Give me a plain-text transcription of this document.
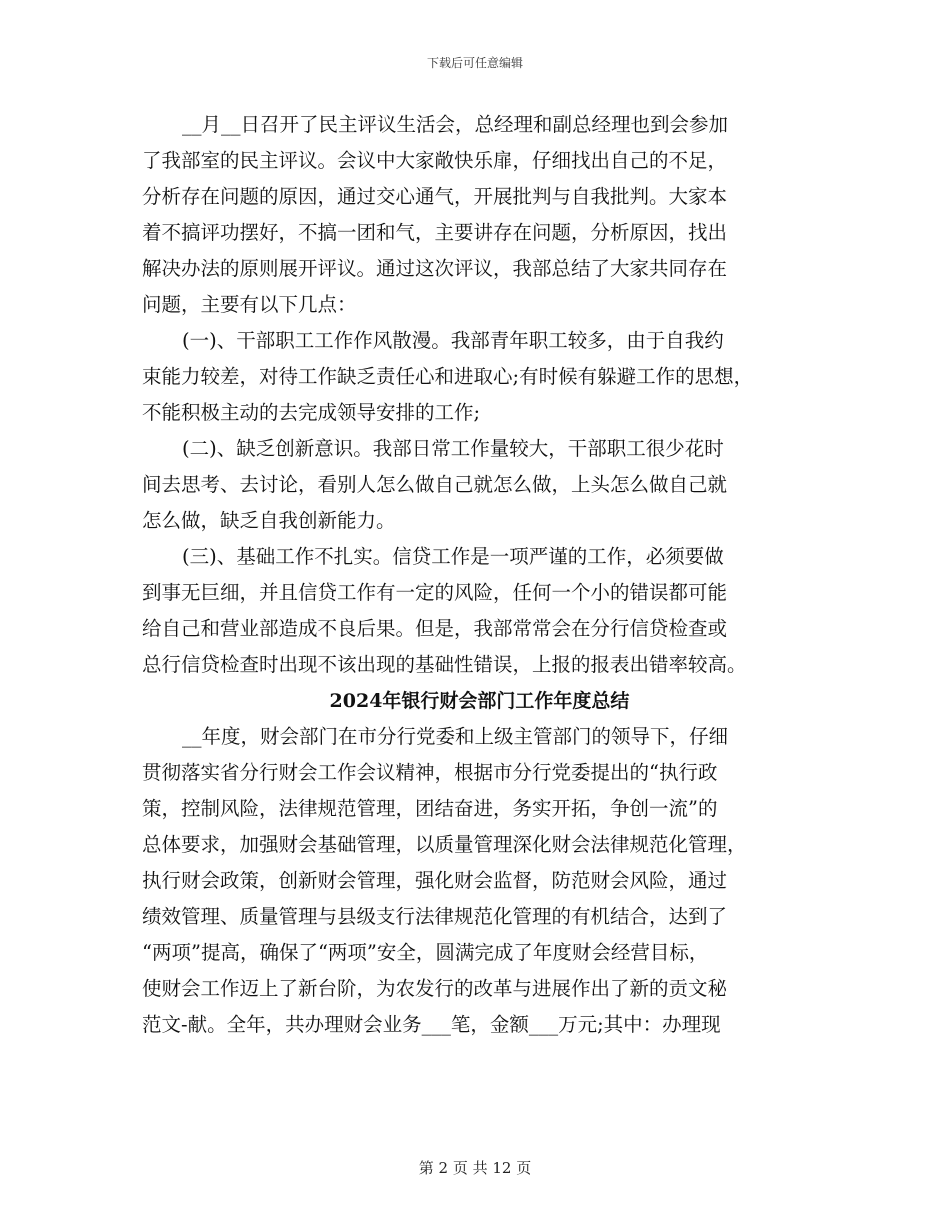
下载后可任意编辑
__月__日召开了民主评议生活会，总经理和副总经理也到会参加
了我部室的民主评议。会议中大家敞快乐扉，仔细找出自己的不足，
分析存在问题的原因，通过交心通气，开展批判与自我批判。大家本
着不搞评功摆好，不搞一团和气，主要讲存在问题，分析原因，找出
解决办法的原则展开评议。通过这次评议，我部总结了大家共同存在
问题，主要有以下几点：
(一)、干部职工工作作风散漫。我部青年职工较多，由于自我约
束能力较差，对待工作缺乏责任心和进取心;有时候有躲避工作的思想，
不能积极主动的去完成领导安排的工作;
(二)、缺乏创新意识。我部日常工作量较大，干部职工很少花时
间去思考、去讨论，看别人怎么做自己就怎么做，上头怎么做自己就
怎么做，缺乏自我创新能力。
(三)、基础工作不扎实。信贷工作是一项严谨的工作，必须要做
到事无巨细，并且信贷工作有一定的风险，任何一个小的错误都可能
给自己和营业部造成不良后果。但是，我部常常会在分行信贷检查或
总行信贷检查时出现不该出现的基础性错误，上报的报表出错率较高。
2024年银行财会部门工作年度总结
__年度，财会部门在市分行党委和上级主管部门的领导下，仔细
贯彻落实省分行财会工作会议精神，根据市分行党委提出的“执行政
策，控制风险，法律规范管理，团结奋进，务实开拓，争创一流”的
总体要求，加强财会基础管理，以质量管理深化财会法律规范化管理，
执行财会政策，创新财会管理，强化财会监督，防范财会风险，通过
绩效管理、质量管理与县级支行法律规范化管理的有机结合，达到了
“两项”提高，确保了“两项”安全，圆满完成了年度财会经营目标，
使财会工作迈上了新台阶，为农发行的改革与进展作出了新的贡文秘
范文-献。全年，共办理财会业务___笔，金额___万元;其中：办理现
第 2 页 共 12 页
